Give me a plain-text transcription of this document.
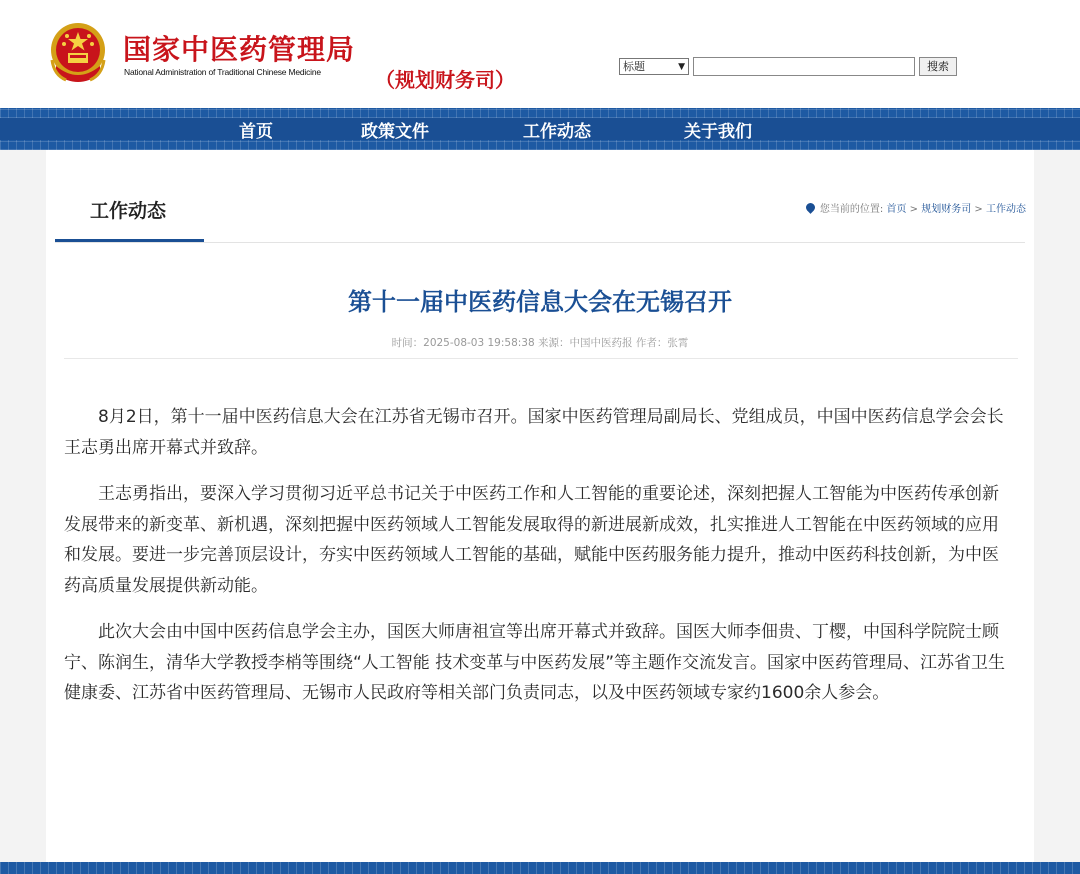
国家中医药管理局
National Administration of Traditional Chinese Medicine	（规划财务司）
标题	▼	搜索
首页	政策文件	工作动态	关于我们
工作动态	您当前的位置: 首页 > 规划财务司 > 工作动态
第十一届中医药信息大会在无锡召开
时间：2025-08-03 19:58:38 来源：中国中医药报 作者：张霄

8月2日，第十一届中医药信息大会在江苏省无锡市召开。国家中医药管理局副局长、党组成员，中国中医药信息学会会长王志勇出席开幕式并致辞。

王志勇指出，要深入学习贯彻习近平总书记关于中医药工作和人工智能的重要论述，深刻把握人工智能为中医药传承创新发展带来的新变革、新机遇，深刻把握中医药领域人工智能发展取得的新进展新成效，扎实推进人工智能在中医药领域的应用和发展。要进一步完善顶层设计，夯实中医药领域人工智能的基础，赋能中医药服务能力提升，推动中医药科技创新，为中医药高质量发展提供新动能。

此次大会由中国中医药信息学会主办，国医大师唐祖宣等出席开幕式并致辞。国医大师李佃贵、丁樱，中国科学院院士顾宁、陈润生，清华大学教授李梢等围绕“人工智能 技术变革与中医药发展”等主题作交流发言。国家中医药管理局、江苏省卫生健康委、江苏省中医药管理局、无锡市人民政府等相关部门负责同志，以及中医药领域专家约1600余人参会。
